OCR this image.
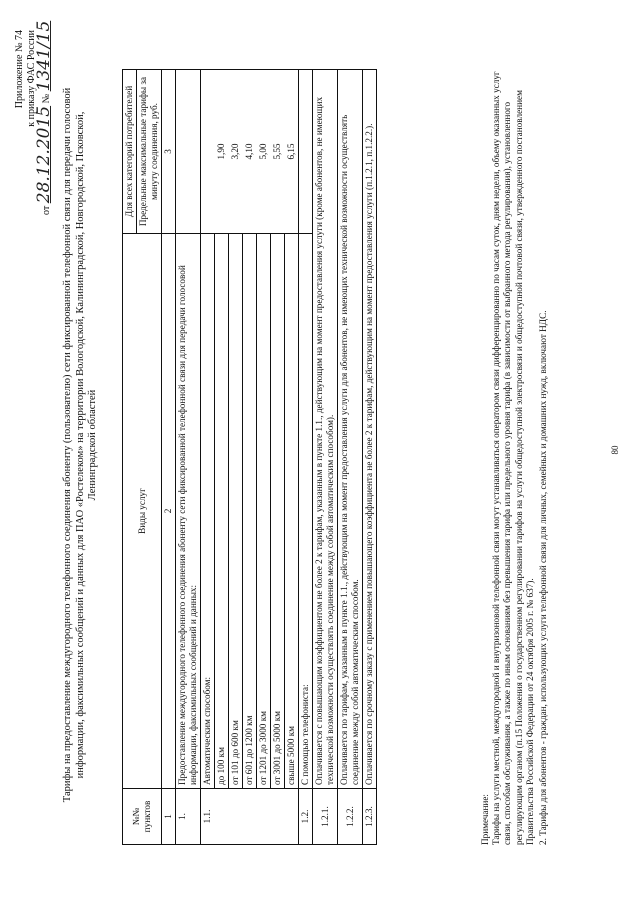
Приложение № 74 к приказу ФАС России
от 28.12.2015 № 1341/15
Тарифы на предоставление междугородного телефонного соединения абоненту (пользователю) сети фиксированной телефонной связи для передачи голосовой информации, факсимильных сообщений и данных для ПАО «Ростелеком» на территории Вологодской, Калининградской, Новгородской, Псковской, Ленинградской областей
№№ пунктов	Виды услуг	Для всех категорий потребителей
		Предельные максимальные тарифы за минуту соединения, руб.
1	2	3
1.	Предоставление междугородного телефонного соединения абоненту сети фиксированной телефонной связи для передачи голосовой информации, факсимильных сообщений и данных:	
1.1.	Автоматическим способом:	
	до 100 км	1,90
	от 101 до 600 км	3,20
	от 601 до 1200 км	4,10
	от 1201 до 3000 км	5,00
	от 3001 до 5000 км	5,55
	свыше 5000 км	6,15
1.2.	С помощью телефониста:	
1.2.1.	Оплачивается с повышающим коэффициентом не более 2 к тарифам, указанным в пункте 1.1., действующим на момент предоставления услуги (кроме абонентов, не имеющих технической возможности осуществлять соединение между собой автоматическим способом).	
1.2.2.	Оплачивается по тарифам, указанным в пункте 1.1., действующим на момент предоставления услуги для абонентов, не имеющих технической возможности осуществлять соединение между собой автоматическим способом.	
1.2.3.	Оплачивается по срочному заказу с применением повышающего коэффициента не более 2 к тарифам, действующим на момент предоставления услуги (п.1.2.1, п.1.2.2.).	
Примечание: Тарифы на услуги местной, междугородной и внутризоновой телефонной связи могут устанавливаться оператором связи дифференцированно по часам суток, дням недели, объему оказанных услуг связи, способам обслуживания, а также по иным основаниям без превышения тарифа или предельного уровня тарифа (в зависимости от выбранного метода регулирования), установленного регулирующим органом (п.15 Положения о государственном регулировании тарифов на услуги общедоступной электросвязи и общедоступной почтовой связи, утвержденного постановлением Правительства Российской Федерации от 24 октября 2005 г. № 637). 2. Тарифы для абонентов - граждан, использующих услуги телефонной связи для личных, семейных и домашних нужд, включают НДС.	80
